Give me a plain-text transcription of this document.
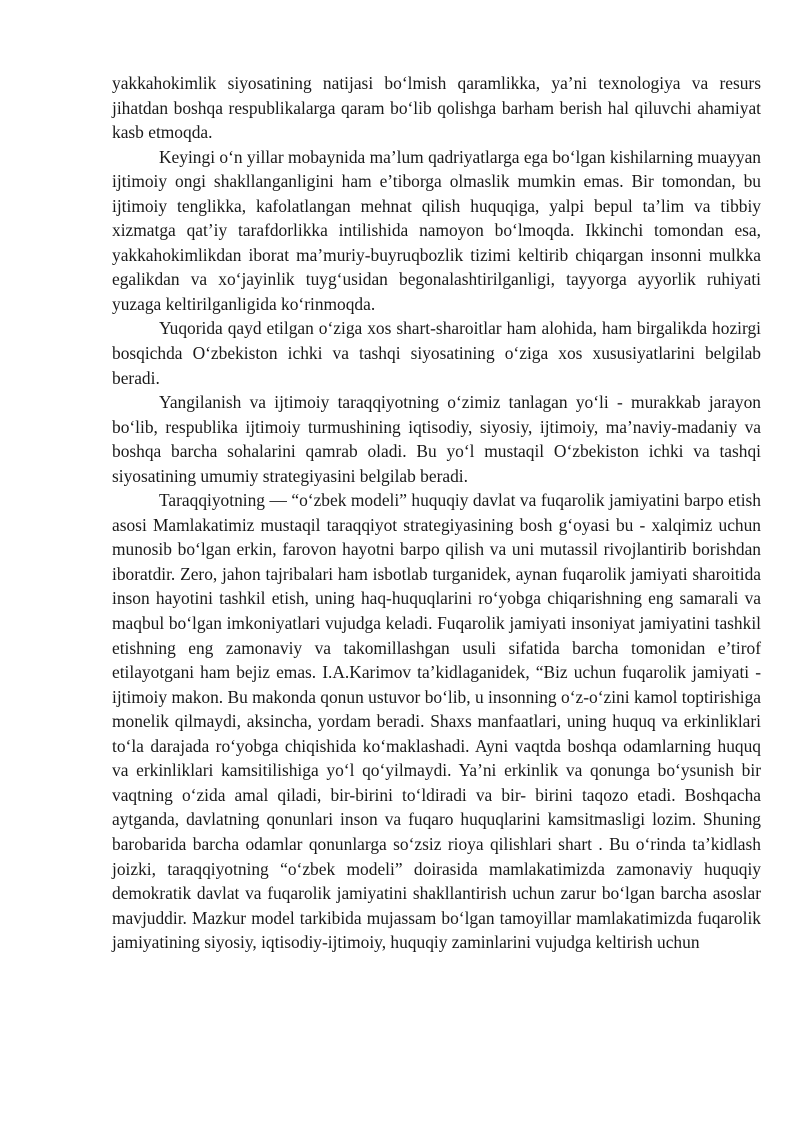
yakkahokimlik siyosatining natijasi bo‘lmish qaramlikka, ya’ni texnologiya va resurs jihatdan boshqa respublikalarga qaram bo‘lib qolishga barham berish hal qiluvchi ahamiyat kasb etmoqda.

Keyingi o‘n yillar mobaynida ma’lum qadriyatlarga ega bo‘lgan kishilarning muayyan ijtimoiy ongi shakllanganligini ham e’tiborga olmaslik mumkin emas. Bir tomondan, bu ijtimoiy tenglikka, kafolatlangan mehnat qilish huquqiga, yalpi bepul ta’lim va tibbiy xizmatga qat’iy tarafdorlikka intilishida namoyon bo‘lmoqda. Ikkinchi tomondan esa, yakkahokimlikdan iborat ma’muriy-buyruqbozlik tizimi keltirib chiqargan insonni mulkka egalikdan va xo‘jayinlik tuyg‘usidan begonalashtirilganligi, tayyorga ayyorlik ruhiyati yuzaga keltirilganligida ko‘rinmoqda.

Yuqorida qayd etilgan o‘ziga xos shart-sharoitlar ham alohida, ham birgalikda hozirgi bosqichda O‘zbekiston ichki va tashqi siyosatining o‘ziga xos xususiyatlarini belgilab beradi.

Yangilanish va ijtimoiy taraqqiyotning o‘zimiz tanlagan yo‘li - murakkab jarayon bo‘lib, respublika ijtimoiy turmushining iqtisodiy, siyosiy, ijtimoiy, ma’naviy-madaniy va boshqa barcha sohalarini qamrab oladi. Bu yo‘l mustaqil O‘zbekiston ichki va tashqi siyosatining umumiy strategiyasini belgilab beradi.

Taraqqiyotning — “o‘zbek modeli” huquqiy davlat va fuqarolik jamiyatini barpo etish asosi Mamlakatimiz mustaqil taraqqiyot strategiyasining bosh g‘oyasi bu - xalqimiz uchun munosib bo‘lgan erkin, farovon hayotni barpo qilish va uni mutassil rivojlantirib borishdan iboratdir. Zero, jahon tajribalari ham isbotlab turganidek, aynan fuqarolik jamiyati sharoitida inson hayotini tashkil etish, uning haq-huquqlarini ro‘yobga chiqarishning eng samarali va maqbul bo‘lgan imkoniyatlari vujudga keladi. Fuqarolik jamiyati insoniyat jamiyatini tashkil etishning eng zamonaviy va takomillashgan usuli sifatida barcha tomonidan e’tirof etilayotgani ham bejiz emas. I.A.Karimov ta’kidlaganidek, “Biz uchun fuqarolik jamiyati - ijtimoiy makon. Bu makonda qonun ustuvor bo‘lib, u insonning o‘z-o‘zini kamol toptirishiga monelik qilmaydi, aksincha, yordam beradi. Shaxs manfaatlari, uning huquq va erkinliklari to‘la darajada ro‘yobga chiqishida ko‘maklashadi. Ayni vaqtda boshqa odamlarning huquq va erkinliklari kamsitilishiga yo‘l qo‘yilmaydi. Ya’ni erkinlik va qonunga bo‘ysunish bir vaqtning o‘zida amal qiladi, bir-birini to‘ldiradi va bir- birini taqozo etadi. Boshqacha aytganda, davlatning qonunlari inson va fuqaro huquqlarini kamsitmasligi lozim. Shuning barobarida barcha odamlar qonunlarga so‘zsiz rioya qilishlari shart . Bu o‘rinda ta’kidlash joizki, taraqqiyotning “o‘zbek modeli” doirasida mamlakatimizda zamonaviy huquqiy demokratik davlat va fuqarolik jamiyatini shakllantirish uchun zarur bo‘lgan barcha asoslar mavjuddir. Mazkur model tarkibida mujassam bo‘lgan tamoyillar mamlakatimizda fuqarolik jamiyatining siyosiy, iqtisodiy-ijtimoiy, huquqiy zaminlarini vujudga keltirish uchun
